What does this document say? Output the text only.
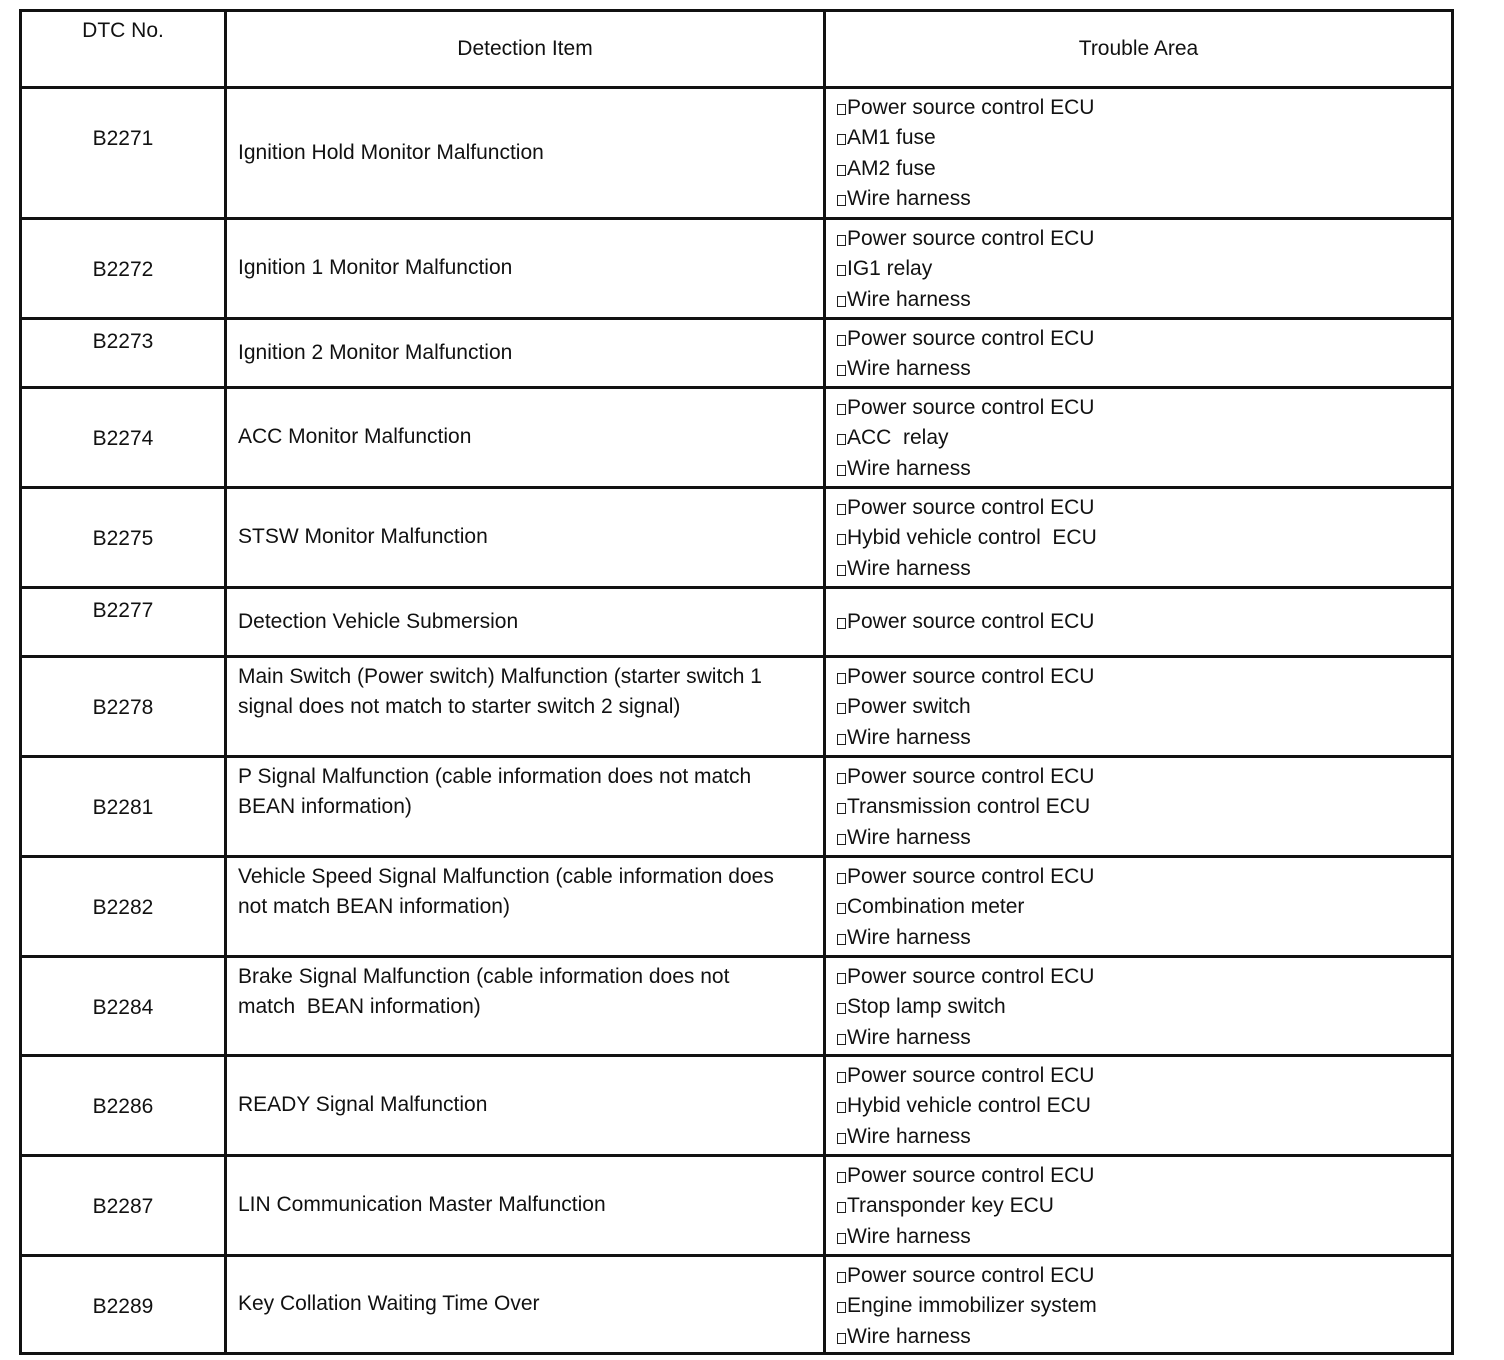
DTC No.	Detection Item	Trouble Area
B2271	Ignition Hold Monitor Malfunction	Power source control ECU
AM1 fuse
AM2 fuse
Wire harness

B2272	Ignition 1 Monitor Malfunction	Power source control ECU
IG1 relay
Wire harness

B2273	Ignition 2 Monitor Malfunction	Power source control ECU
Wire harness

B2274	ACC Monitor Malfunction	Power source control ECU
ACC  relay
Wire harness

B2275	STSW Monitor Malfunction	Power source control ECU
Hybid vehicle control  ECU
Wire harness

B2277	Detection Vehicle Submersion	Power source control ECU

B2278	Main Switch (Power switch) Malfunction (starter switch 1
signal does not match to starter switch 2 signal)	Power source control ECU
Power switch
Wire harness

B2281	P Signal Malfunction (cable information does not match
BEAN information)	Power source control ECU
Transmission control ECU
Wire harness

B2282	Vehicle Speed Signal Malfunction (cable information does
not match BEAN information)	Power source control ECU
Combination meter
Wire harness

B2284	Brake Signal Malfunction (cable information does not
match  BEAN information)	Power source control ECU
Stop lamp switch
Wire harness

B2286	READY Signal Malfunction	Power source control ECU
Hybid vehicle control ECU
Wire harness

B2287	LIN Communication Master Malfunction	Power source control ECU
Transponder key ECU
Wire harness

B2289	Key Collation Waiting Time Over	Power source control ECU
Engine immobilizer system
Wire harness
